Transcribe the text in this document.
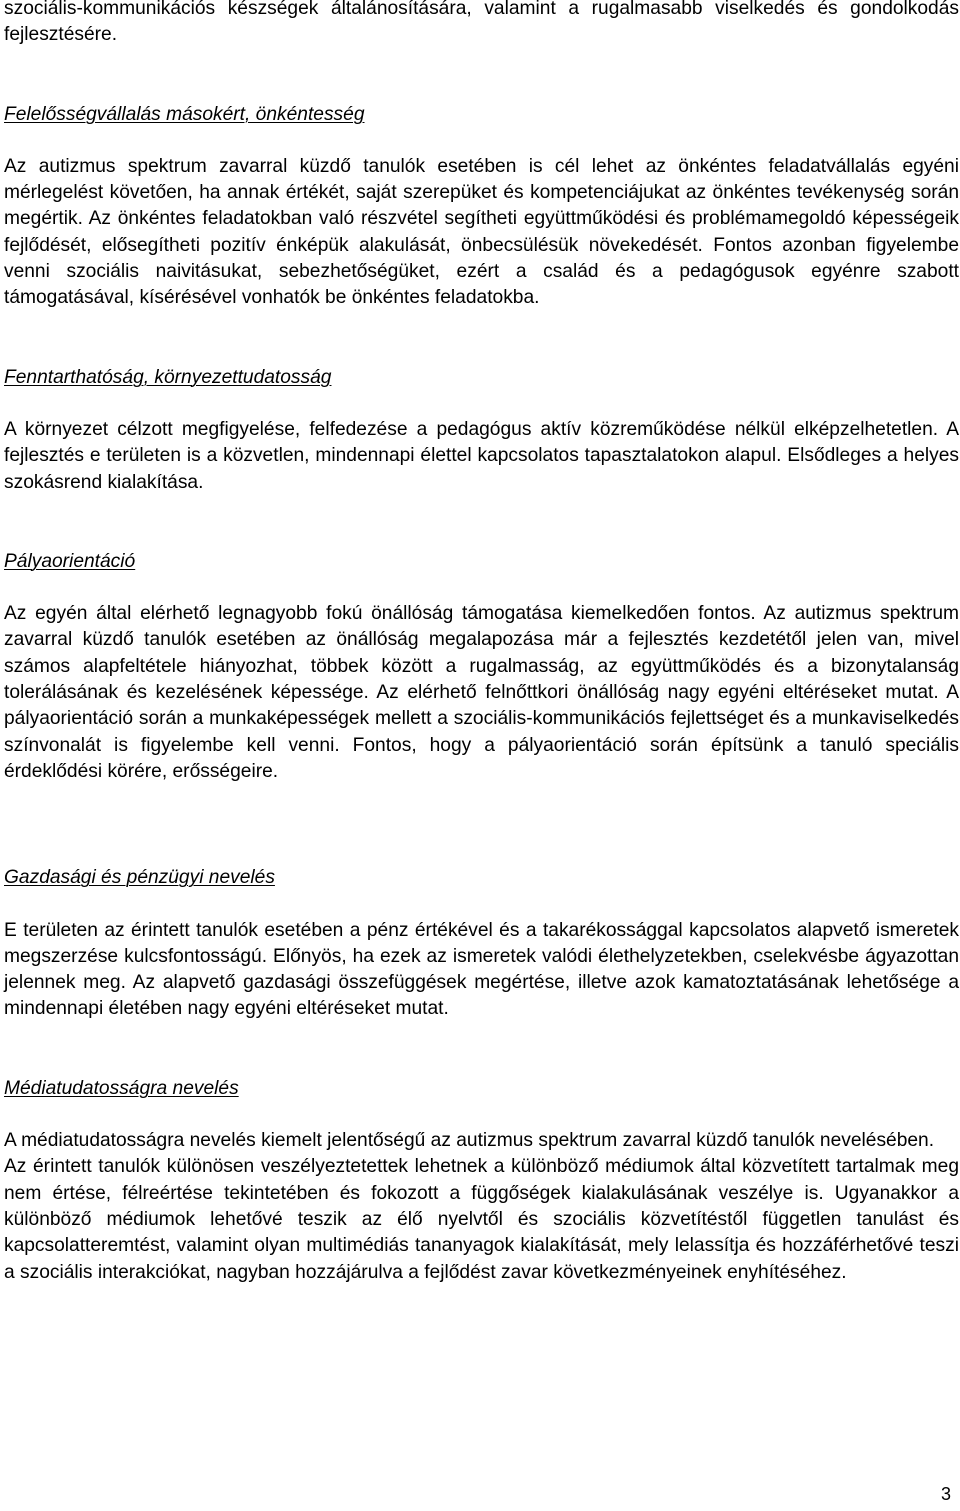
szociális-kommunikációs készségek általánosítására, valamint a rugalmasabb viselkedés és gondolkodás fejlesztésére.

Felelősségvállalás másokért, önkéntesség

Az autizmus spektrum zavarral küzdő tanulók esetében is cél lehet az önkéntes feladatvállalás egyéni mérlegelést követően, ha annak értékét, saját szerepüket és kompetenciájukat az önkéntes tevékenység során megértik. Az önkéntes feladatokban való részvétel segítheti együttműködési és problémamegoldó képességeik fejlődését, elősegítheti pozitív énképük alakulását, önbecsülésük növekedését. Fontos azonban figyelembe venni szociális naivitásukat, sebezhetőségüket, ezért a család és a pedagógusok egyénre szabott támogatásával, kísérésével vonhatók be önkéntes feladatokba.

Fenntarthatóság, környezettudatosság

A környezet célzott megfigyelése, felfedezése a pedagógus aktív közreműködése nélkül elképzelhetetlen. A fejlesztés e területen is a közvetlen, mindennapi élettel kapcsolatos tapasztalatokon alapul. Elsődleges a helyes szokásrend kialakítása.

Pályaorientáció

Az egyén által elérhető legnagyobb fokú önállóság támogatása kiemelkedően fontos. Az autizmus spektrum zavarral küzdő tanulók esetében az önállóság megalapozása már a fejlesztés kezdetétől jelen van, mivel számos alapfeltétele hiányozhat, többek között a rugalmasság, az együttműködés és a bizonytalanság tolerálásának és kezelésének képessége. Az elérhető felnőttkori önállóság nagy egyéni eltéréseket mutat. A pályaorientáció során a munkaképességek mellett a szociális-kommunikációs fejlettséget és a munkaviselkedés színvonalát is figyelembe kell venni. Fontos, hogy a pályaorientáció során építsünk a tanuló speciális érdeklődési körére, erősségeire.

Gazdasági és pénzügyi nevelés

E területen az érintett tanulók esetében a pénz értékével és a takarékossággal kapcsolatos alapvető ismeretek megszerzése kulcsfontosságú. Előnyös, ha ezek az ismeretek valódi élethelyzetekben, cselekvésbe ágyazottan jelennek meg. Az alapvető gazdasági összefüggések megértése, illetve azok kamatoztatásának lehetősége a mindennapi életében nagy egyéni eltéréseket mutat.

Médiatudatosságra nevelés

A médiatudatosságra nevelés kiemelt jelentőségű az autizmus spektrum zavarral küzdő tanulók nevelésében.

Az érintett tanulók különösen veszélyeztetettek lehetnek a különböző médiumok által közvetített tartalmak meg nem értése, félreértése tekintetében és fokozott a függőségek kialakulásának veszélye is. Ugyanakkor a különböző médiumok lehetővé teszik az élő nyelvtől és szociális közvetítéstől független tanulást és kapcsolatteremtést, valamint olyan multimédiás tananyagok kialakítását, mely lelassítja és hozzáférhetővé teszi a szociális interakciókat, nagyban hozzájárulva a fejlődést zavar következményeinek enyhítéséhez.

3
